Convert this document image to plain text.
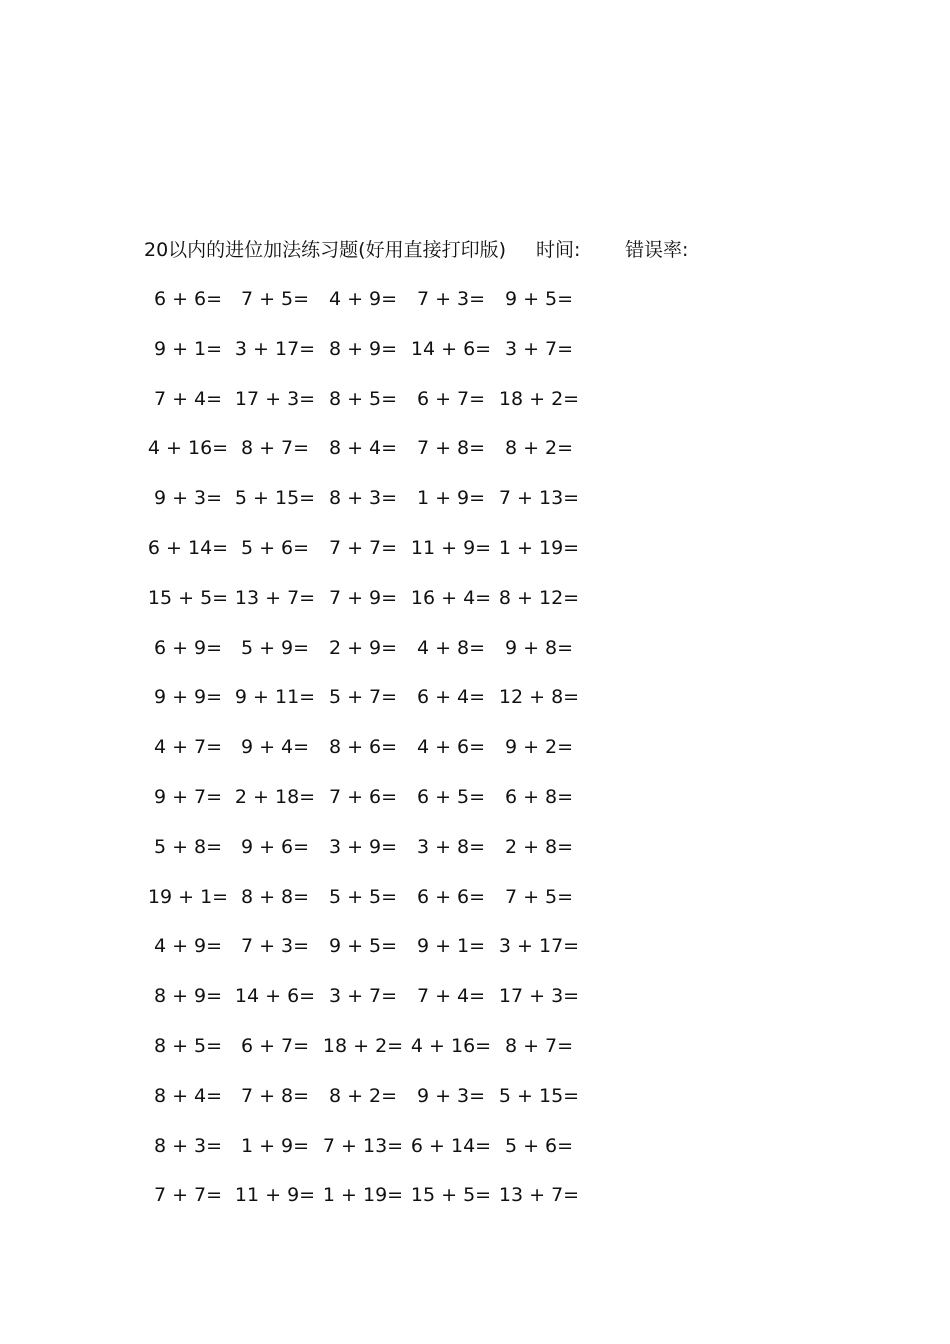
20以内的进位加法练习题(好用直接打印版) 时间: 错误率:
6 + 6= 7 + 5=	4 + 9=	7 + 3=	9 + 5=
9 + 1= 3 + 17= 8 + 9= 14 + 6= 3 + 7=
7 + 4= 17 + 3= 8 + 5=	6 + 7= 18 + 2=
4 + 16= 8 + 7=	8 + 4=	7 + 8=	8 + 2=
9 + 3= 5 + 15= 8 + 3=	1 + 9= 7 + 13=
6 + 14= 5 + 6=	7 + 7= 11 + 9= 1 + 19=
15 + 5= 13 + 7= 7 + 9= 16 + 4= 8 + 12=
6 + 9= 5 + 9=	2 + 9=	4 + 8=	9 + 8=
9 + 9= 9 + 11= 5 + 7=	6 + 4= 12 + 8=
4 + 7= 9 + 4=	8 + 6=	4 + 6=	9 + 2=
9 + 7= 2 + 18= 7 + 6=	6 + 5=	6 + 8=
5 + 8= 9 + 6=	3 + 9=	3 + 8=	2 + 8=
19 + 1= 8 + 8=	5 + 5=	6 + 6=	7 + 5=
4 + 9= 7 + 3=	9 + 5=	9 + 1= 3 + 17=
8 + 9= 14 + 6= 3 + 7=	7 + 4= 17 + 3=
8 + 5= 6 + 7= 18 + 2= 4 + 16= 8 + 7=
8 + 4= 7 + 8=	8 + 2=	9 + 3= 5 + 15=
8 + 3= 1 + 9= 7 + 13= 6 + 14= 5 + 6=
7 + 7= 11 + 9= 1 + 19= 15 + 5= 13 + 7=
